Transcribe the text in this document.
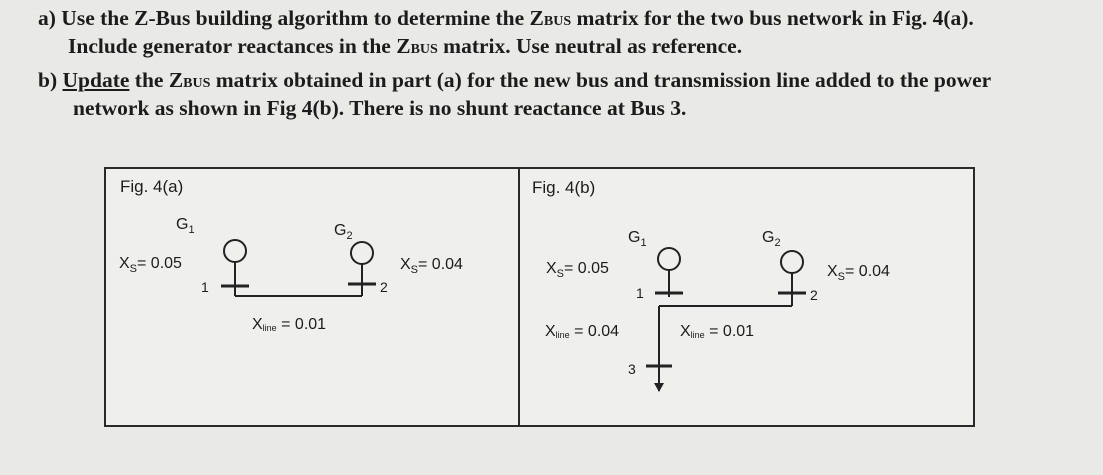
a) Use the Z-Bus building algorithm to determine the ZBUS matrix for the two bus network in Fig. 4(a).
Include generator reactances in the ZBUS matrix. Use neutral as reference.
b) Update the ZBUS matrix obtained in part (a) for the new bus and transmission line added to the power
network as shown in Fig 4(b). There is no shunt reactance at Bus 3.
Fig. 4(a)
$G_1$
$X_S= 0.05$
1
$G_2$
2
$X_S= 0.04$
Xline = 0.01
Fig. 4(b)
$G_1$
$X_S= 0.05$
1
$G_2$
2
$X_S= 0.04$
3
Xline = 0.04	Xline = 0.01
